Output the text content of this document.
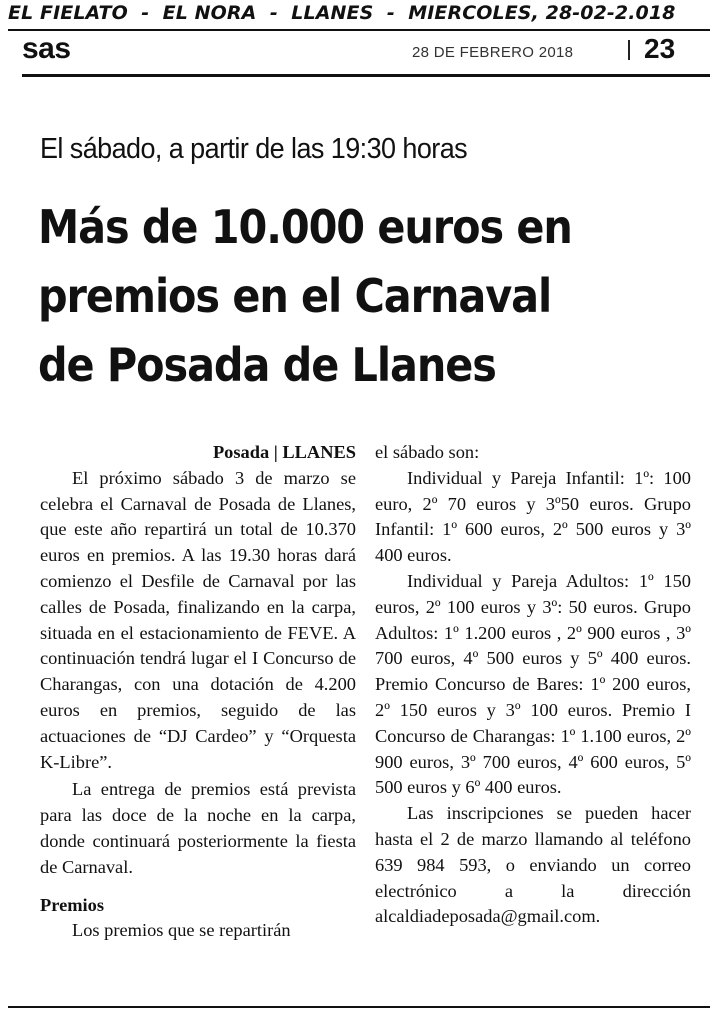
EL FIELATO  -  EL NORA  -  LLANES  -  MIERCOLES, 28-02-2.018
sas	28 DE FEBRERO 2018	23
El sábado, a partir de las 19:30 horas
Más de 10.000 euros en
premios en el Carnaval
de Posada de Llanes

Posada | LLANES

El próximo sábado 3 de marzo se celebra el Carnaval de Posada de Llanes, que este año repartirá un total de 10.370 euros en premios. A las 19.30 horas dará comienzo el Desfile de Carnaval por las calles de Posada, finalizando en la carpa, situada en el estacionamiento de FEVE. A continuación tendrá lugar el I Concurso de Charangas, con una dotación de 4.200 euros en premios, seguido de las actuaciones de “DJ Cardeo” y “Orquesta K-Libre”.

La entrega de premios está prevista para las doce de la noche en la carpa, donde continuará posteriormente la fiesta de Carnaval.

Premios

Los premios que se repartirán

el sábado son:

Individual y Pareja Infantil: 1º: 100 euro, 2º 70 euros y 3º50 euros. Grupo Infantil: 1º 600 euros, 2º 500 euros y 3º 400 euros.

Individual y Pareja Adultos: 1º 150 euros, 2º 100 euros y 3º: 50 euros. Grupo Adultos: 1º 1.200 euros , 2º 900 euros , 3º 700 euros, 4º 500 euros y 5º 400 euros. Premio Concurso de Bares: 1º 200 euros, 2º 150 euros y 3º 100 euros. Premio I Concurso de Charangas: 1º 1.100 euros, 2º 900 euros, 3º 700 euros, 4º 600 euros, 5º 500 euros y 6º 400 euros.

Las inscripciones se pueden hacer hasta el 2 de marzo llamando al teléfono 639 984 593, o enviando un correo electrónico a la dirección alcaldiadeposada@gmail.com.
